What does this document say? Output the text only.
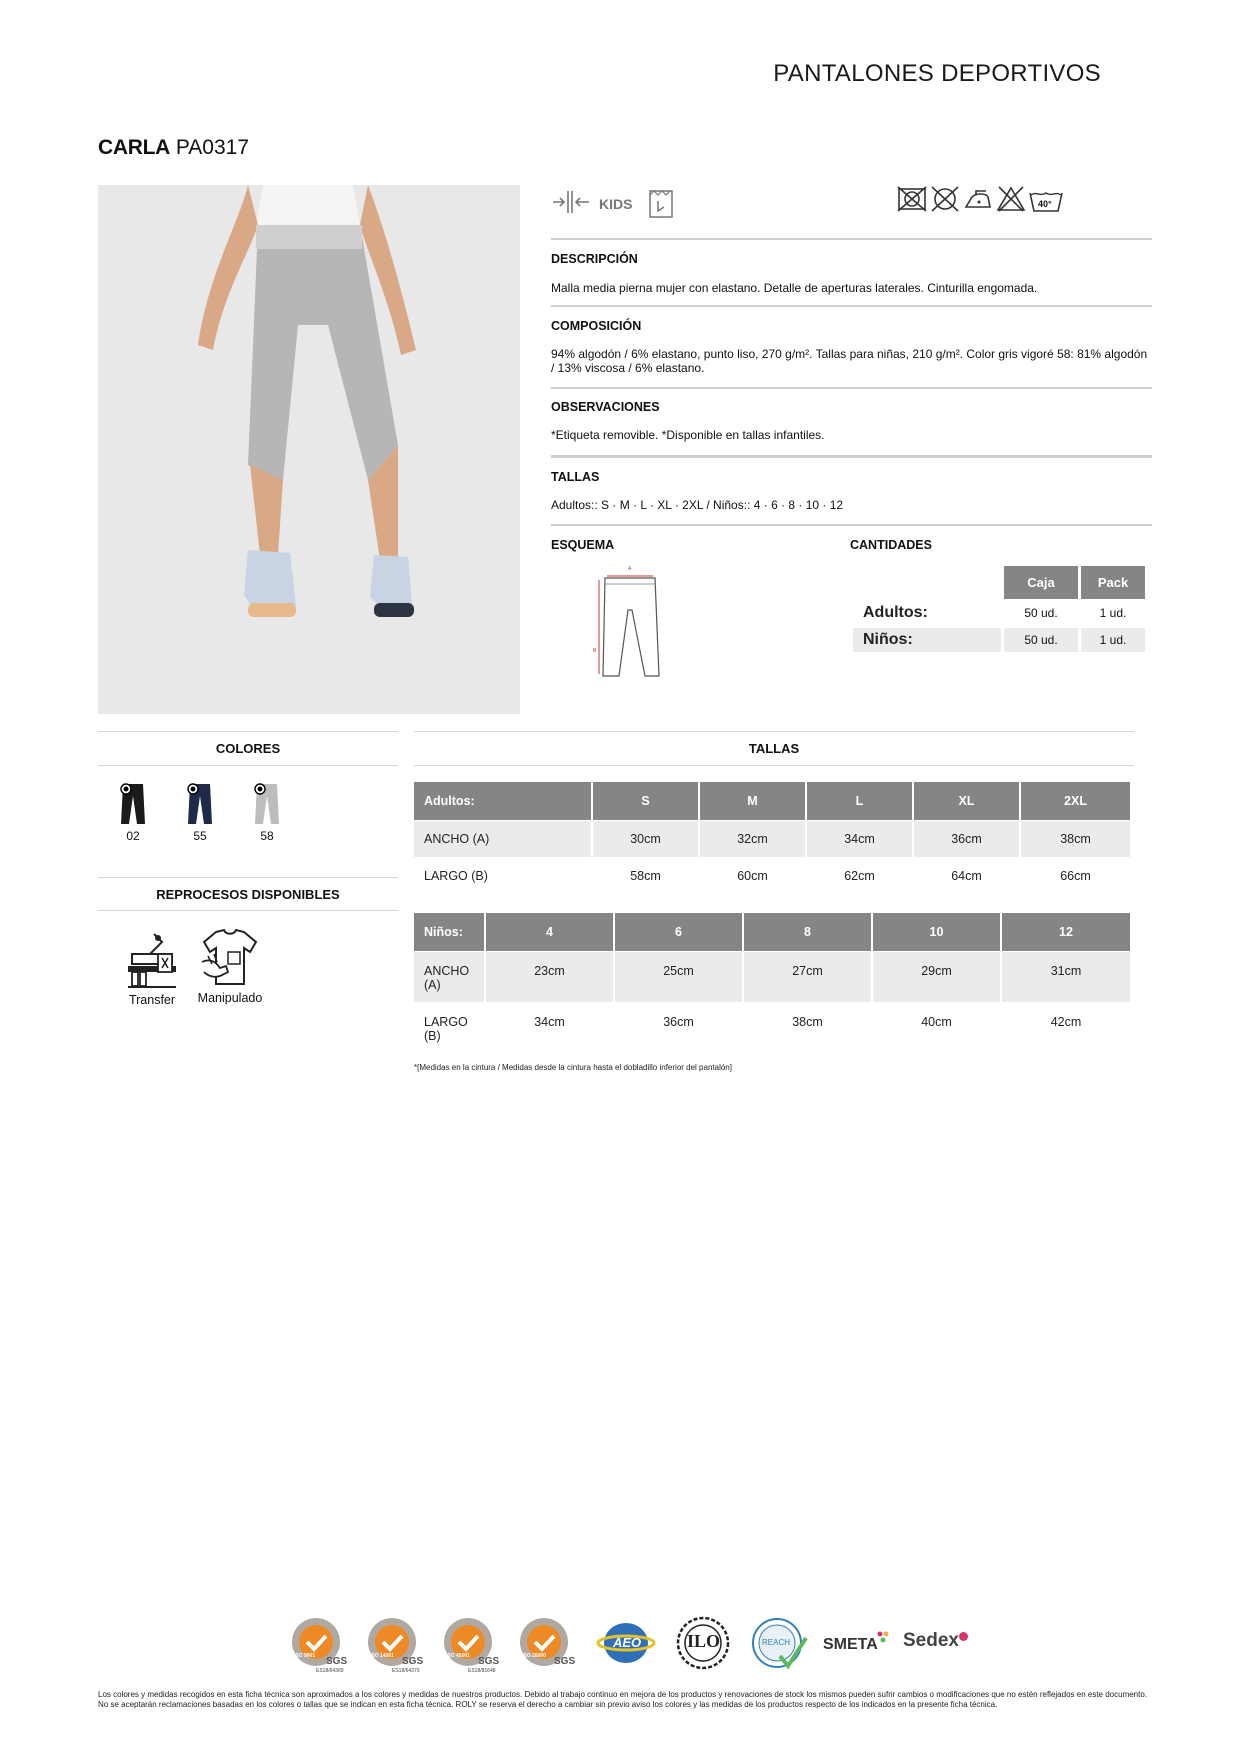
PANTALONES DEPORTIVOS
CARLA PA0317
KIDS	40°
DESCRIPCIÓN
Malla media pierna mujer con elastano. Detalle de aperturas laterales. Cinturilla engomada.
COMPOSICIÓN
94% algodón / 6% elastano, punto liso, 270 g/m². Tallas para niñas, 210 g/m². Color gris vigoré 58: 81% algodón / 13% viscosa / 6% elastano.
OBSERVACIONES
*Etiqueta removible. *Disponible en tallas infantiles.
TALLAS
Adultos:: S · M · L · XL · 2XL / Niños:: 4 · 6 · 8 · 10 · 12
ESQUEMA
A
B
CANTIDADES
Caja	Pack
Adultos:	50 ud.	1 ud.
Niños:	50 ud.	1 ud.
COLORES
02	55	58
REPROCESOS DISPONIBLES
Transfer	Manipulado
TALLAS
Adultos:	S	M	L	XL	2XL
ANCHO (A)	30cm	32cm	34cm	36cm	38cm
LARGO (B)	58cm	60cm	62cm	64cm	66cm
Niños:	4	6	8	10	12
ANCHO (A)
23cm	25cm	27cm	29cm	31cm
LARGO (B)
34cm	36cm	38cm	40cm	42cm
*[Medidas en la cintura / Medidas desde la cintura hasta el dobladillo inferior del pantalón]
SGS
ISO 9001
ES18/64369
SGS
ISO 14001
ES18/64370
SGS
ISO 45001
ES18/81648
SGS
ISO 26000
AEO	ILO	REACH SMETA Sedex
Los colores y medidas recogidos en esta ficha técnica son aproximados a los colores y medidas de nuestros productos. Debido al trabajo continuo en mejora de los productos y renovaciones de stock los mismos pueden sufrir cambios o modificaciones que no estén reflejados en este documento. No se aceptarán reclamaciones basadas en los colores o tallas que se indican en esta ficha técnica. ROLY se reserva el derecho a cambiar sin previo aviso los colores y las medidas de los productos respecto de los indicados en la presente ficha técnica.
